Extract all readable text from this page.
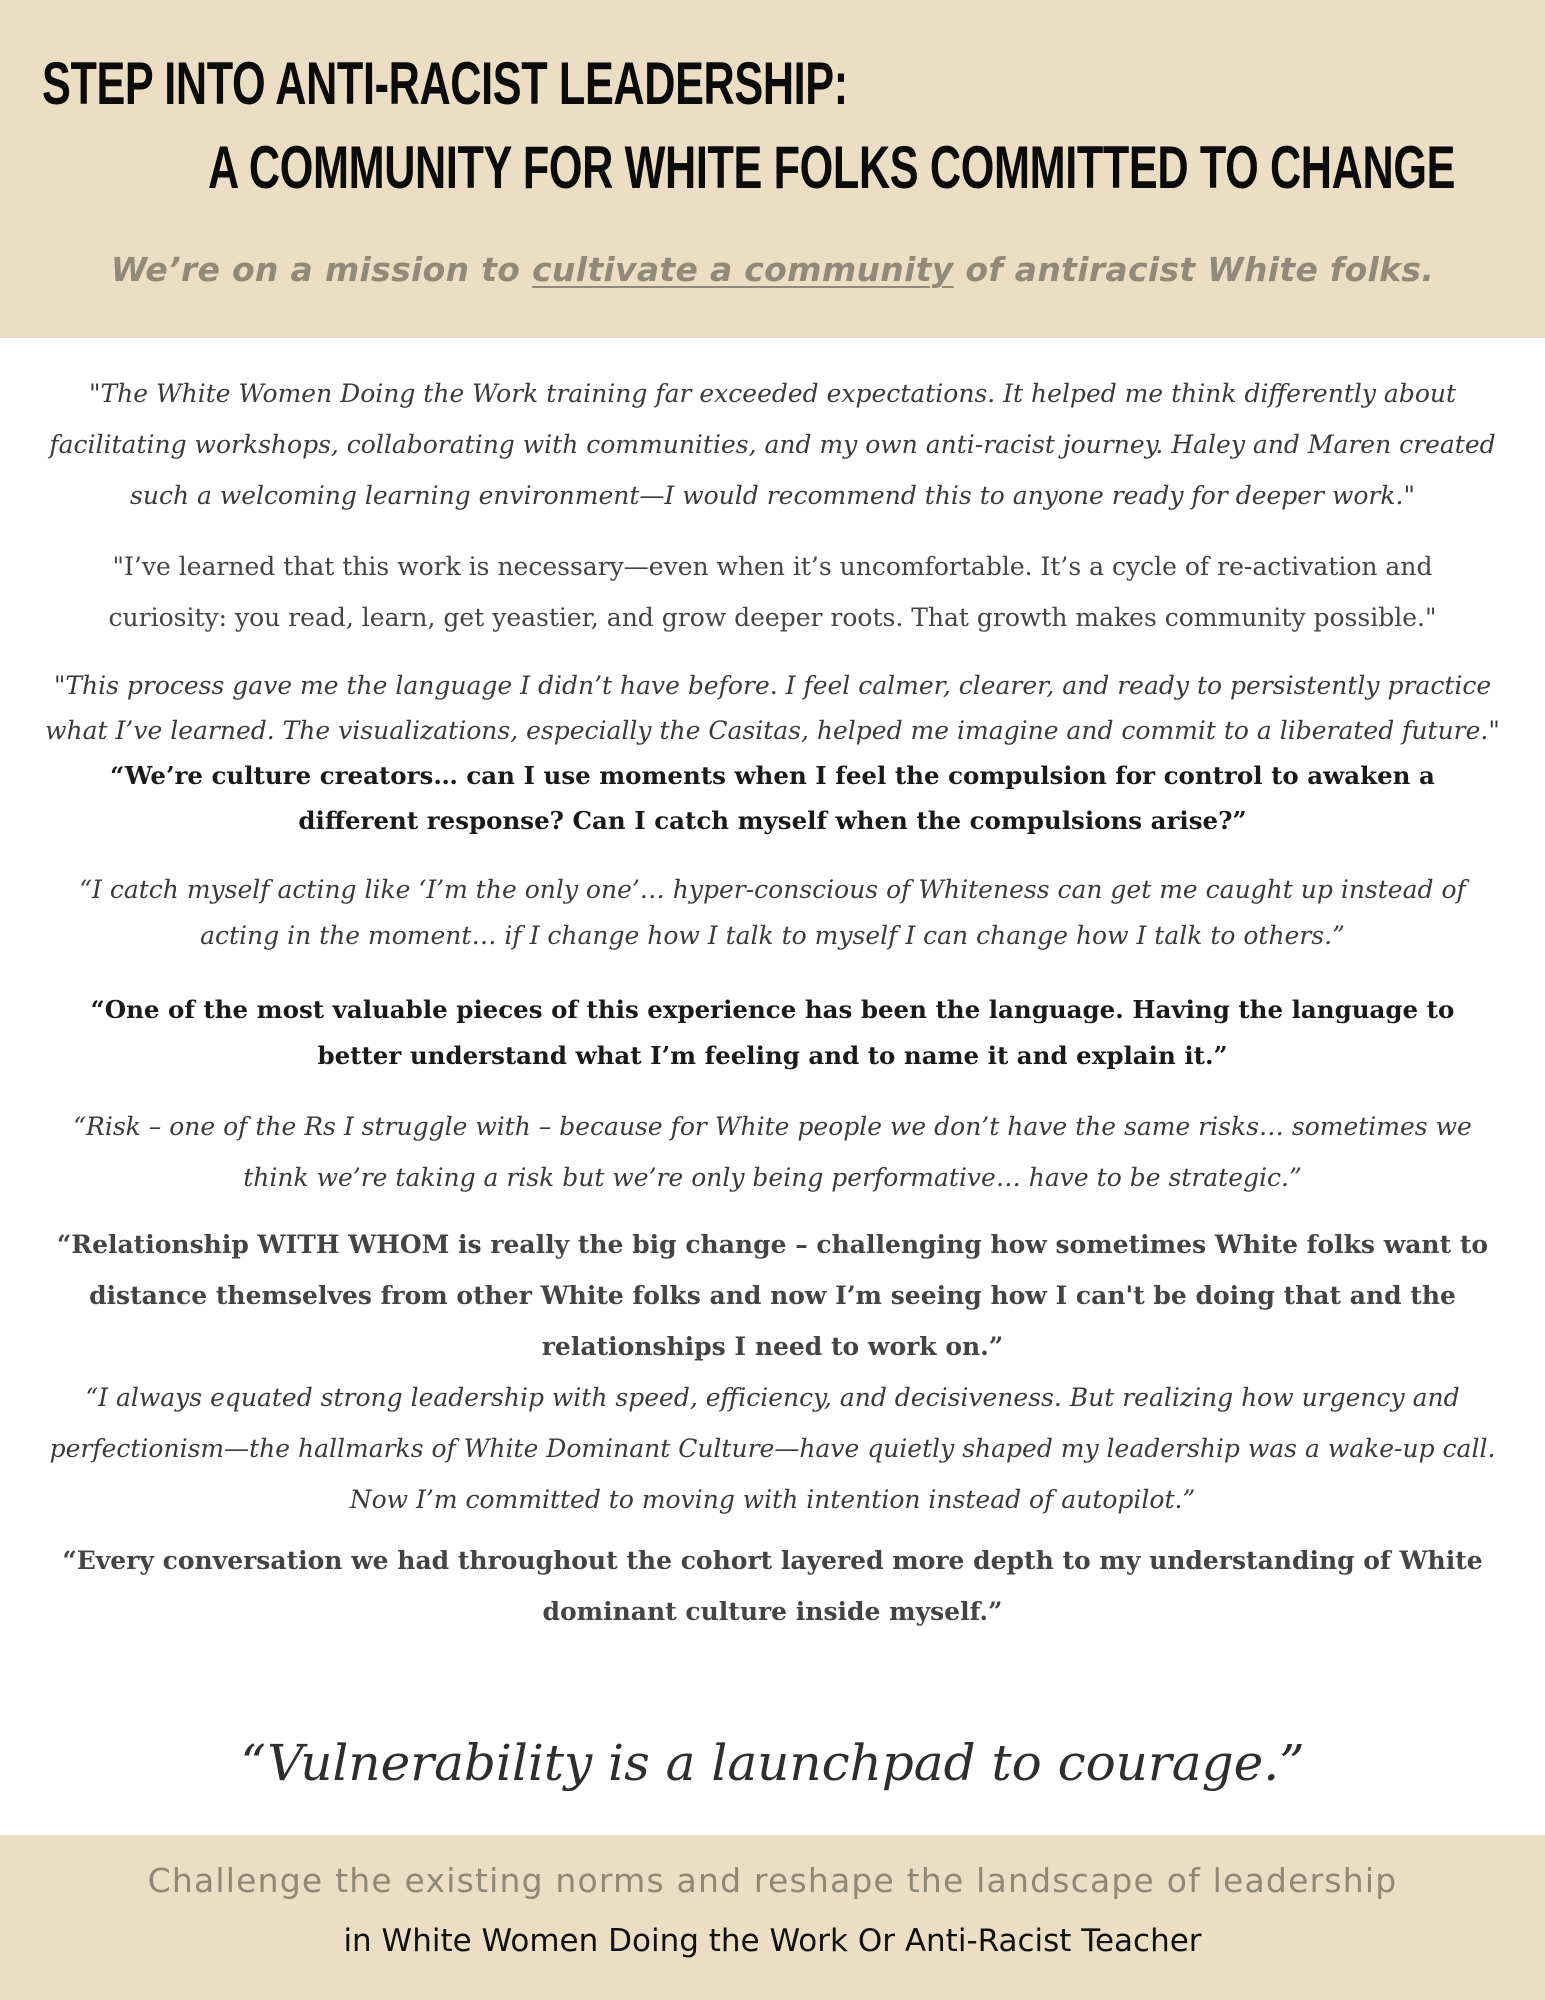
STEP INTO ANTI-RACIST LEADERSHIP:
A COMMUNITY FOR WHITE FOLKS COMMITTED TO CHANGE
We’re on a mission to cultivate a community of antiracist White folks.

"The White Women Doing the Work training far exceeded expectations. It helped me think differently about facilitating workshops, collaborating with communities, and my own anti-racist journey. Haley and Maren created such a welcoming learning environment—I would recommend this to anyone ready for deeper work."

"I’ve learned that this work is necessary—even when it’s uncomfortable. It’s a cycle of re-activation and curiosity: you read, learn, get yeastier, and grow deeper roots. That growth makes community possible."

"This process gave me the language I didn’t have before. I feel calmer, clearer, and ready to persistently practice what I’ve learned. The visualizations, especially the Casitas, helped me imagine and commit to a liberated future."

“We’re culture creators… can I use moments when I feel the compulsion for control to awaken a different response? Can I catch myself when the compulsions arise?”

“I catch myself acting like ‘I’m the only one’… hyper-conscious of Whiteness can get me caught up instead of acting in the moment… if I change how I talk to myself I can change how I talk to others.”

“One of the most valuable pieces of this experience has been the language. Having the language to better understand what I’m feeling and to name it and explain it.”

“Risk – one of the Rs I struggle with – because for White people we don’t have the same risks… sometimes we think we’re taking a risk but we’re only being performative… have to be strategic.”

“Relationship WITH WHOM is really the big change – challenging how sometimes White folks want to distance themselves from other White folks and now I’m seeing how I can't be doing that and the relationships I need to work on.”

“I always equated strong leadership with speed, efficiency, and decisiveness. But realizing how urgency and perfectionism—the hallmarks of White Dominant Culture—have quietly shaped my leadership was a wake-up call. Now I’m committed to moving with intention instead of autopilot.”

“Every conversation we had throughout the cohort layered more depth to my understanding of White dominant culture inside myself.”

“Vulnerability is a launchpad to courage.”
Challenge the existing norms and reshape the landscape of leadership
in White Women Doing the Work Or Anti-Racist Teacher
